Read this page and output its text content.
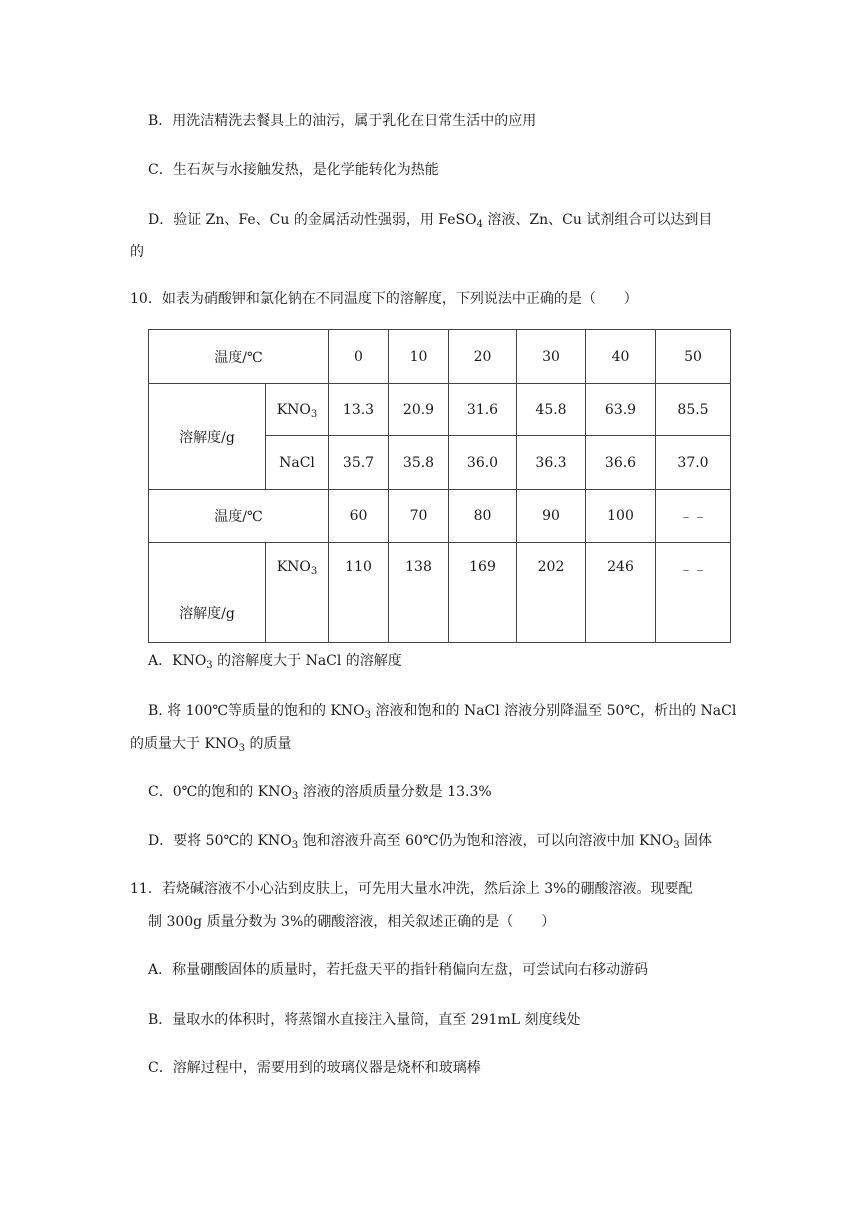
B．用洗洁精洗去餐具上的油污，属于乳化在日常生活中的应用
C．生石灰与水接触发热，是化学能转化为热能
D．验证 Zn、Fe、Cu 的金属活动性强弱，用 FeSO$_4$ 溶液、Zn、Cu 试剂组合可以达到目
的
10．如表为硝酸钾和氯化钠在不同温度下的溶解度，下列说法中正确的是（　　）
温度/℃		0	10	20	30	40	50
溶解度/g	$KNO_3$	13.3	20.9	31.6	45.8	63.9	85.5
	NaCl	35.7	35.8	36.0	36.3	36.6	37.0
温度/℃		60	70	80	90	100	﹣﹣

溶解度/g	$KNO_3$	110	138	169	202	246	﹣﹣
A．$KNO_3$ 的溶解度大于 NaCl 的溶解度
B. 将 100℃等质量的饱和的 $KNO_3$ 溶液和饱和的 NaCl 溶液分别降温至 50℃，析出的 NaCl
的质量大于 $KNO_3$ 的质量
C．0℃的饱和的 $KNO_3$ 溶液的溶质质量分数是 13.3%
D．要将 50℃的 $KNO_3$ 饱和溶液升高至 60℃仍为饱和溶液，可以向溶液中加 $KNO_3$ 固体
11．若烧碱溶液不小心沾到皮肤上，可先用大量水冲洗，然后涂上 3%的硼酸溶液。现要配
制 300g 质量分数为 3%的硼酸溶液，相关叙述正确的是（　　）
A．称量硼酸固体的质量时，若托盘天平的指针稍偏向左盘，可尝试向右移动游码
B．量取水的体积时，将蒸馏水直接注入量筒，直至 291mL 刻度线处
C．溶解过程中，需要用到的玻璃仪器是烧杯和玻璃棒
